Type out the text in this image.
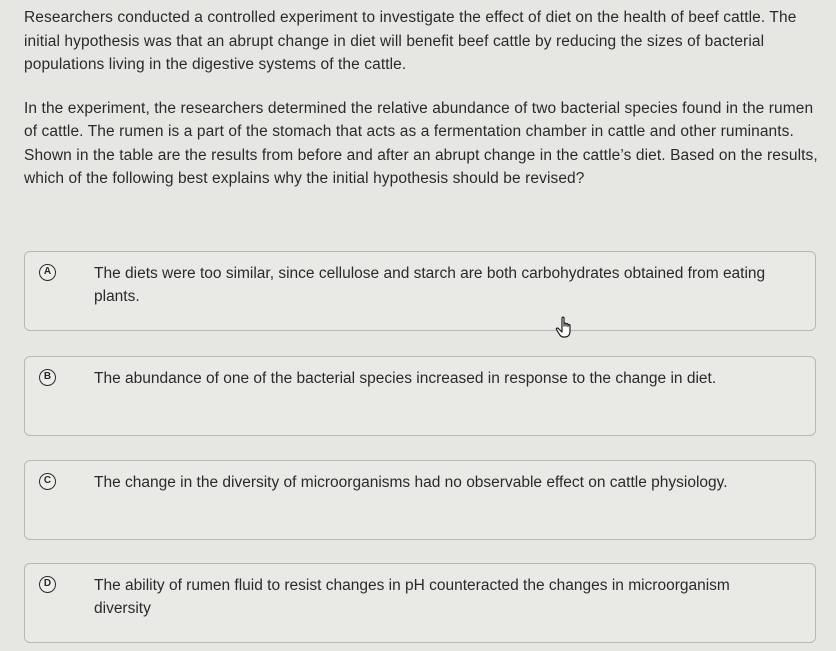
Researchers conducted a controlled experiment to investigate the effect of diet on the health of beef cattle. The initial hypothesis was that an abrupt change in diet will benefit beef cattle by reducing the sizes of bacterial populations living in the digestive systems of the cattle.

In the experiment, the researchers determined the relative abundance of two bacterial species found in the rumen of cattle. The rumen is a part of the stomach that acts as a fermentation chamber in cattle and other ruminants. Shown in the table are the results from before and after an abrupt change in the cattle’s diet. Based on the results, which of the following best explains why the initial hypothesis should be revised?

A	The diets were too similar, since cellulose and starch are both carbohydrates obtained from eating plants.
B	The abundance of one of the bacterial species increased in response to the change in diet.
C	The change in the diversity of microorganisms had no observable effect on cattle physiology.
D	The ability of rumen fluid to resist changes in pH counteracted the changes in microorganism diversity
